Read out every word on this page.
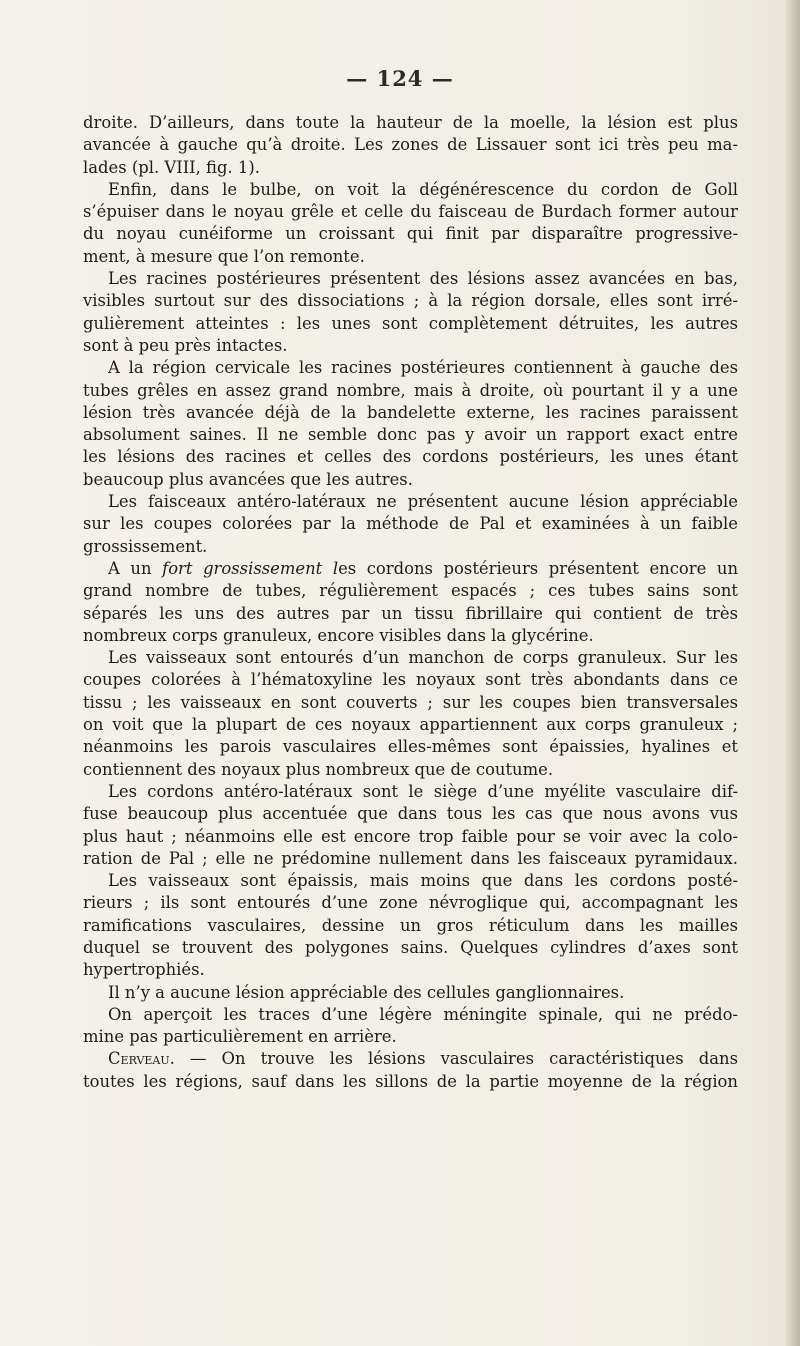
— 124 —
droite. D’ailleurs, dans toute la hauteur de la moelle, la lésion est plus
avancée à gauche qu’à droite. Les zones de Lissauer sont ici très peu ma-
lades (pl. VIII, fig. 1).
Enfin, dans le bulbe, on voit la dégénérescence du cordon de Goll
s’épuiser dans le noyau grêle et celle du faisceau de Burdach former autour
du noyau cunéiforme un croissant qui finit par disparaître progressive-
ment, à mesure que l’on remonte.
Les racines postérieures présentent des lésions assez avancées en bas,
visibles surtout sur des dissociations ; à la région dorsale, elles sont irré-
gulièrement atteintes : les unes sont complètement détruites, les autres
sont à peu près intactes.
A la région cervicale les racines postérieures contiennent à gauche des
tubes grêles en assez grand nombre, mais à droite, où pourtant il y a une
lésion très avancée déjà de la bandelette externe, les racines paraissent
absolument saines. Il ne semble donc pas y avoir un rapport exact entre
les lésions des racines et celles des cordons postérieurs, les unes étant
beaucoup plus avancées que les autres.
Les faisceaux antéro-latéraux ne présentent aucune lésion appréciable
sur les coupes colorées par la méthode de Pal et examinées à un faible
grossissement.
A un fort grossissement les cordons postérieurs présentent encore un
grand nombre de tubes, régulièrement espacés ; ces tubes sains sont
séparés les uns des autres par un tissu fibrillaire qui contient de très
nombreux corps granuleux, encore visibles dans la glycérine.
Les vaisseaux sont entourés d’un manchon de corps granuleux. Sur les
coupes colorées à l’hématoxyline les noyaux sont très abondants dans ce
tissu ; les vaisseaux en sont couverts ; sur les coupes bien transversales
on voit que la plupart de ces noyaux appartiennent aux corps granuleux ;
néanmoins les parois vasculaires elles-mêmes sont épaissies, hyalines et
contiennent des noyaux plus nombreux que de coutume.
Les cordons antéro-latéraux sont le siège d’une myélite vasculaire dif-
fuse beaucoup plus accentuée que dans tous les cas que nous avons vus
plus haut ; néanmoins elle est encore trop faible pour se voir avec la colo-
ration de Pal ; elle ne prédomine nullement dans les faisceaux pyramidaux.
Les vaisseaux sont épaissis, mais moins que dans les cordons posté-
rieurs ; ils sont entourés d’une zone névroglique qui, accompagnant les
ramifications vasculaires, dessine un gros réticulum dans les mailles
duquel se trouvent des polygones sains. Quelques cylindres d’axes sont
hypertrophiés.
Il n’y a aucune lésion appréciable des cellules ganglionnaires.
On aperçoit les traces d’une légère méningite spinale, qui ne prédo-
mine pas particulièrement en arrière.
Cerveau. — On trouve les lésions vasculaires caractéristiques dans
toutes les régions, sauf dans les sillons de la partie moyenne de la région
